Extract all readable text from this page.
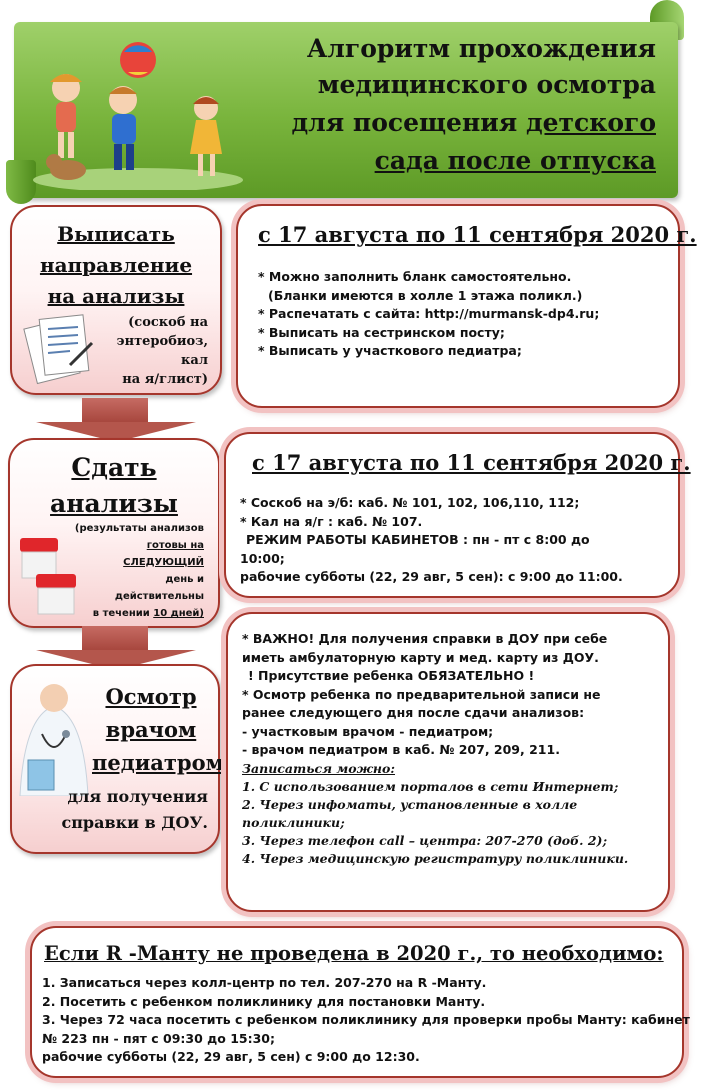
Алгоритм прохождения
медицинского осмотра
для посещения детского
сада после отпуска
Выписать
направление
на анализы
(соскоб на
энтеробиоз,
кал
на я/глист)
с 17 августа по 11 сентября 2020 г.
* Можно заполнить бланк самостоятельно.
(Бланки имеются в холле 1 этажа поликл.)
* Распечатать с сайта: http://murmansk-dp4.ru;
* Выписать на сестринском посту;
* Выписать у участкового педиатра;
Сдать
анализы
(результаты анализов
готовы на
СЛЕДУЮЩИЙ
день и
действительны
в течении 10 дней)
с 17 августа по 11 сентября 2020 г.
* Соскоб на э/б: каб. № 101, 102, 106,110, 112;
* Кал на я/г : каб. № 107.
РЕЖИМ РАБОТЫ КАБИНЕТОВ : пн - пт с 8:00 до
10:00;
рабочие субботы (22, 29 авг, 5 сен): с 9:00 до 11:00.
Осмотр
врачом
педиатром
для получения
справки в ДОУ.
* ВАЖНО! Для получения справки в ДОУ при себе
иметь амбулаторную карту и мед. карту из ДОУ.
! Присутствие ребенка ОБЯЗАТЕЛЬНО !
* Осмотр ребенка по предварительной записи не
ранее следующего дня после сдачи анализов:
- участковым врачом - педиатром;
- врачом педиатром в каб. № 207, 209, 211.
Записаться можно:
1. С использованием порталов в сети Интернет;
2. Через инфоматы, установленные в холле
поликлиники;
3. Через телефон call – центра: 207-270 (доб. 2);
4. Через медицинскую регистратуру поликлиники.
Если R -Манту не проведена в 2020 г., то необходимо:
1. Записаться через колл-центр по тел. 207-270 на R -Манту.
2. Посетить с ребенком поликлинику для постановки Манту.
3. Через 72 часа посетить с ребенком поликлинику для проверки пробы Манту: кабинет
№ 223 пн - пят с 09:30 до 15:30;
рабочие субботы (22, 29 авг, 5 сен) с 9:00 до 12:30.
